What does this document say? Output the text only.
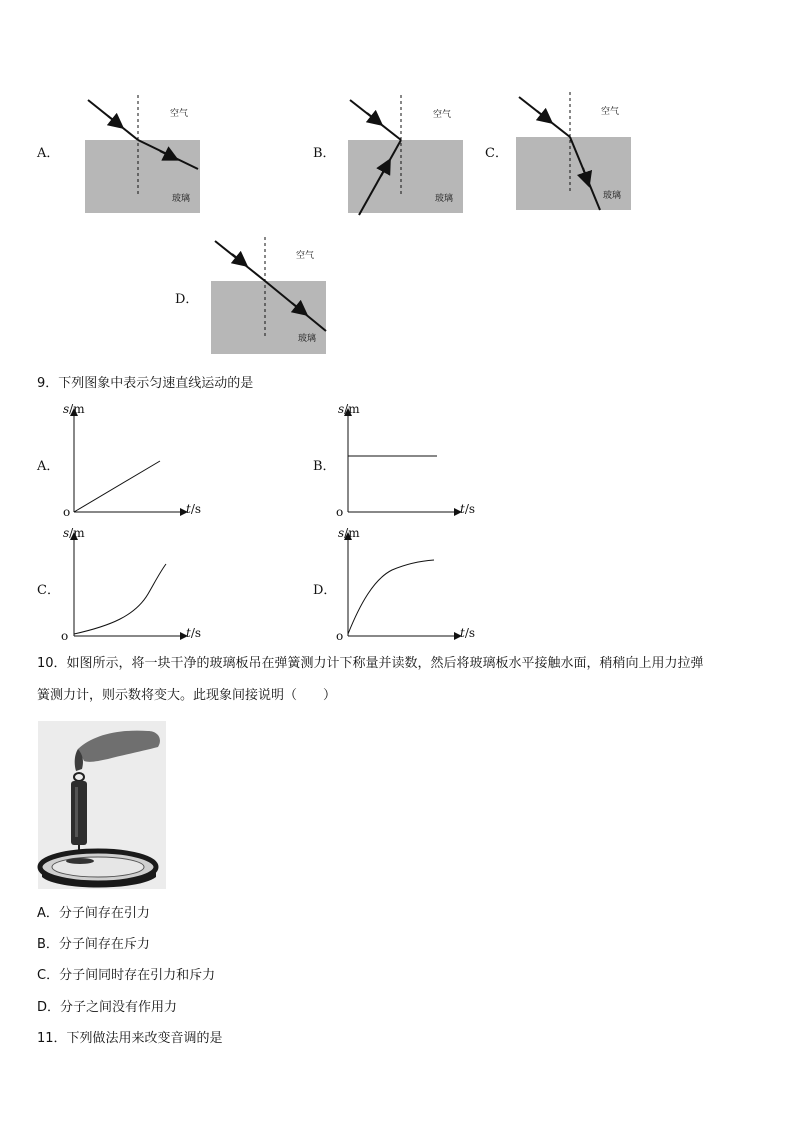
A．
空气
玻璃
B．
空气
玻璃
C．
空气
玻璃
D．
空气
玻璃
9．下列图象中表示匀速直线运动的是
A．
s/m
t/s
o
B．
s/m
t/s
o
C．
s/m
t/s
o
D．
s/m
t/s
o
10．如图所示，将一块干净的玻璃板吊在弹簧测力计下称量并读数，然后将玻璃板水平接触水面，稍稍向上用力拉弹
簧测力计，则示数将变大。此现象间接说明（　　）
A．分子间存在引力
B．分子间存在斥力
C．分子间同时存在引力和斥力
D．分子之间没有作用力
11．下列做法用来改变音调的是
